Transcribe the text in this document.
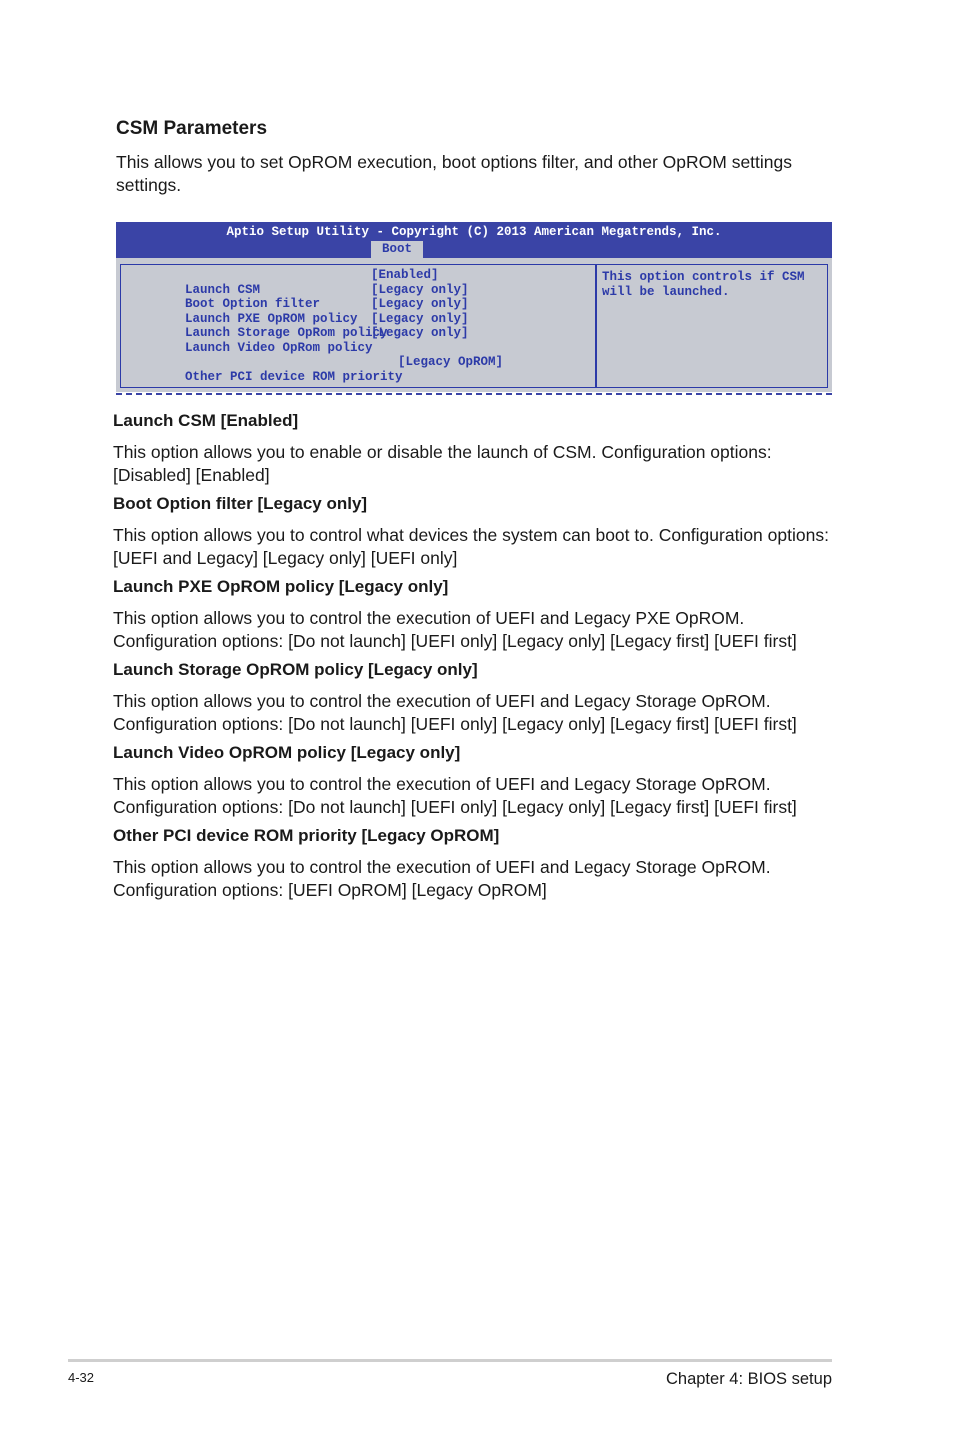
CSM Parameters

This allows you to set OpROM execution, boot options filter, and other OpROM settings settings.

Aptio Setup Utility - Copyright (C) 2013 American Megatrends, Inc.
Boot

Launch CSM
[Enabled]

Boot Option filter
[Legacy only]

Launch PXE OpROM policy
[Legacy only]

Launch Storage OpRom policy
[Legacy only]

Launch Video OpRom policy
[Legacy only]

Other PCI device ROM priority
[Legacy OpROM]

This option controls if CSM will be launched.
Launch CSM [Enabled]

This option allows you to enable or disable the launch of CSM. Configuration options: [Disabled] [Enabled]

Boot Option filter [Legacy only]

This option allows you to control what devices the system can boot to. Configuration options: [UEFI and Legacy] [Legacy only] [UEFI only]

Launch PXE OpROM policy [Legacy only]

This option allows you to control the execution of UEFI and Legacy PXE OpROM. Configuration options: [Do not launch] [UEFI only] [Legacy only] [Legacy first] [UEFI first]

Launch Storage OpROM policy [Legacy only]

This option allows you to control the execution of UEFI and Legacy Storage OpROM. Configuration options: [Do not launch] [UEFI only] [Legacy only] [Legacy first] [UEFI first]

Launch Video OpROM policy [Legacy only]

This option allows you to control the execution of UEFI and Legacy Storage OpROM. Configuration options: [Do not launch] [UEFI only] [Legacy only] [Legacy first] [UEFI first]

Other PCI device ROM priority [Legacy OpROM]

This option allows you to control the execution of UEFI and Legacy Storage OpROM. Configuration options: [UEFI OpROM] [Legacy OpROM]

4-32	Chapter 4: BIOS setup
